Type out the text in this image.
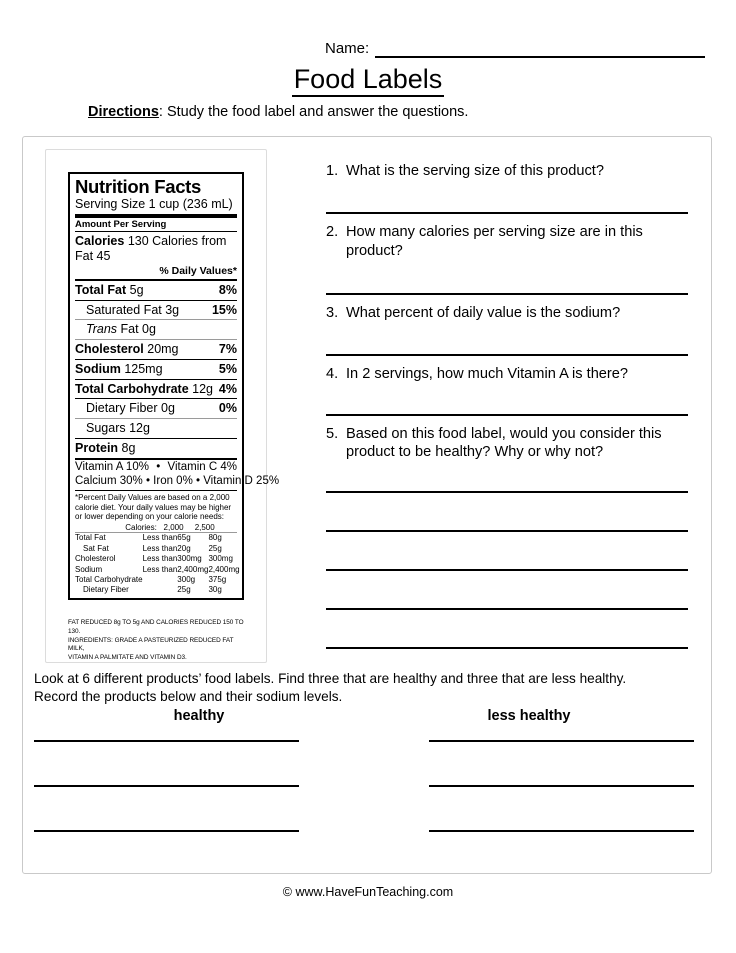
Name:
Food Labels
Directions: Study the food label and answer the questions.
Nutrition Facts
Serving Size 1 cup (236 mL)
Amount Per Serving
Calories 130 Calories from Fat 45
% Daily Values*
Total Fat 5g	8%
Saturated Fat 3g	15%
Trans Fat 0g
Cholesterol 20mg	7%
Sodium 125mg	5%
Total Carbohydrate 12g 4%
Dietary Fiber 0g	0%
Sugars 12g
Protein 8g
Vitamin A 10% • Vitamin C 4%
Calcium 30% • Iron 0% • Vitamin D 25%
*Percent Daily Values are based on a 2,000 calorie diet. Your daily values may be higher or lower depending on your calorie needs:
Calories: 2,000 2,500
Total Fat	Less than	65g	80g
Sat Fat	Less than	20g	25g
Cholesterol	Less than	300mg	300mg
Sodium	Less than	2,400mg	2,400mg
Total Carbohydrate		300g	375g
Dietary Fiber		25g	30g
FAT REDUCED 8g TO 5g AND CALORIES REDUCED 150 TO 130.
INGREDIENTS: GRADE A PASTEURIZED REDUCED FAT MILK,
VITAMIN A PALMITATE AND VITAMIN D3.
1. What is the serving size of this product?
2. How many calories per serving size are in this product?
3. What percent of daily value is the sodium?
4. In 2 servings, how much Vitamin A is there?
5. Based on this food label, would you consider this product to be healthy? Why or why not?
Look at 6 different products’ food labels. Find three that are healthy and three that are less healthy.
Record the products below and their sodium levels.
healthy	less healthy
© www.HaveFunTeaching.com
